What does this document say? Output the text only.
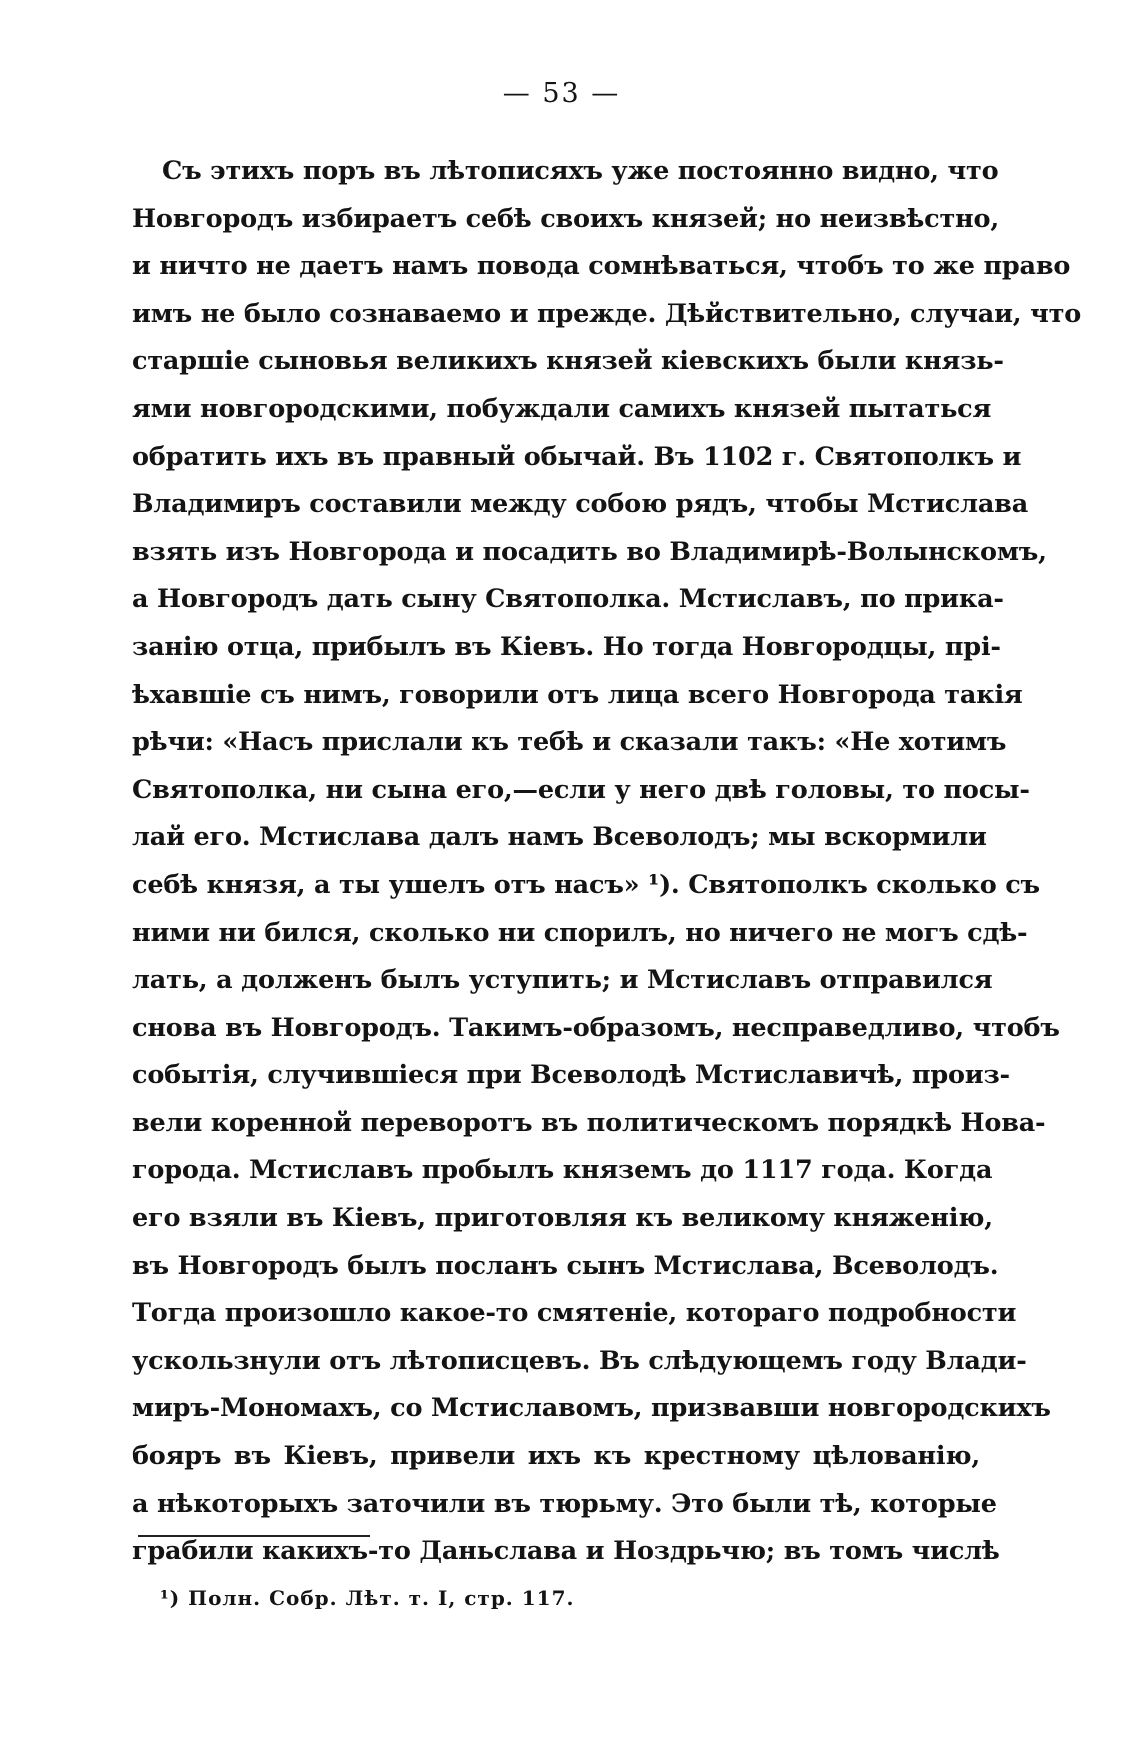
— 53 —
Съ этихъ поръ въ лѣтописяхъ уже постоянно видно, что
Новгородъ избираетъ себѣ своихъ князей; но неизвѣстно,
и ничто не даетъ намъ повода сомнѣваться, чтобъ то же право
имъ не было сознаваемо и прежде. Дѣйствительно, случаи, что
старшіе сыновья великихъ князей кіевскихъ были князь-
ями новгородскими, побуждали самихъ князей пытаться
обратить ихъ въ правный обычай. Въ 1102 г. Святополкъ и
Владимиръ составили между собою рядъ, чтобы Мстислава
взять изъ Новгорода и посадить во Владимирѣ-Волынскомъ,
а Новгородъ дать сыну Святополка. Мстиславъ, по прика-
занію отца, прибылъ въ Кіевъ. Но тогда Новгородцы, прі-
ѣхавшіе съ нимъ, говорили отъ лица всего Новгорода такія
рѣчи: «Насъ прислали къ тебѣ и сказали такъ: «Не хотимъ
Святополка, ни сына его,—если у него двѣ головы, то посы-
лай его. Мстислава далъ намъ Всеволодъ; мы вскормили
себѣ князя, а ты ушелъ отъ насъ» ¹). Святополкъ сколько съ
ними ни бился, сколько ни спорилъ, но ничего не могъ сдѣ-
лать, а долженъ былъ уступить; и Мстиславъ отправился
снова въ Новгородъ. Такимъ-образомъ, несправедливо, чтобъ
событія, случившіеся при Всеволодѣ Мстиславичѣ, произ-
вели коренной переворотъ въ политическомъ порядкѣ Нова-
города. Мстиславъ пробылъ княземъ до 1117 года. Когда
его взяли въ Кіевъ, приготовляя къ великому княженію,
въ Новгородъ былъ посланъ сынъ Мстислава, Всеволодъ.
Тогда произошло какое-то смятеніе, котораго подробности
ускользнули отъ лѣтописцевъ. Въ слѣдующемъ году Влади-
миръ-Мономахъ, со Мстиславомъ, призвавши новгородскихъ
бояръ въ Кіевъ, привели ихъ къ крестному цѣлованію,
а нѣкоторыхъ заточили въ тюрьму. Это были тѣ, которые
грабили какихъ-то Даньслава и Ноздрьчю; въ томъ числѣ
¹) Полн. Собр. Лѣт. т. I, стр. 117.
